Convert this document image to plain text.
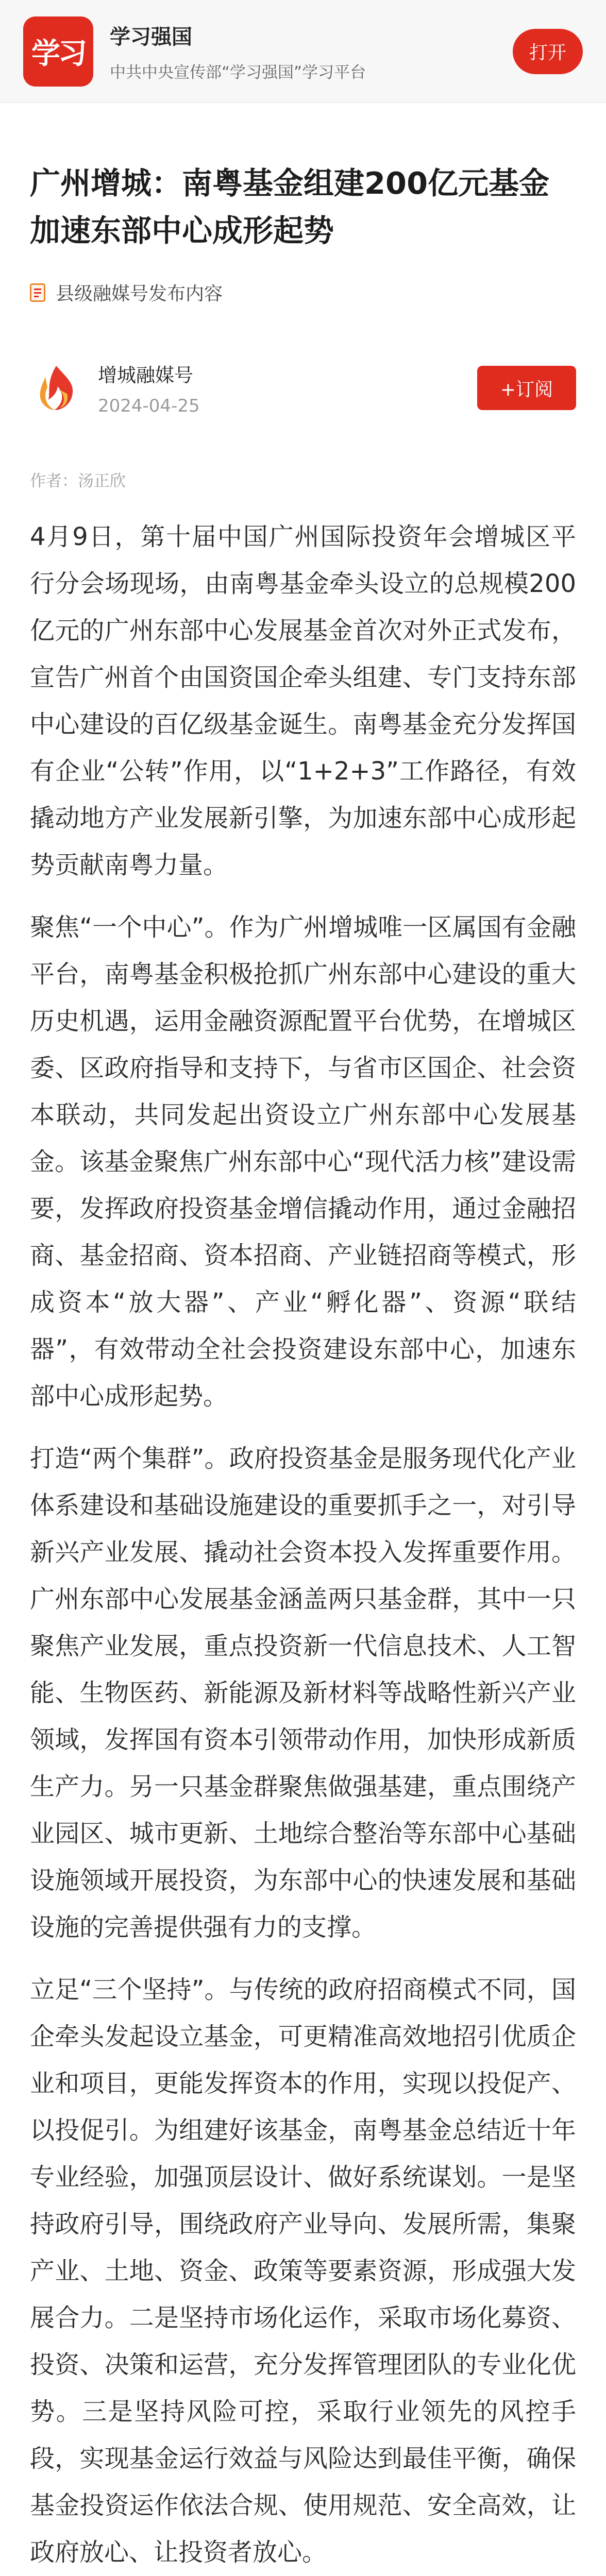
学习 学习强国
中共中央宣传部“学习强国”学习平台
打开
广州增城：南粤基金组建200亿元基金 加速东部中心成形起势
县级融媒号发布内容
增城融媒号
2024-04-25
+订阅
作者：汤正欣

4月9日，第十届中国广州国际投资年会增城区平行分会场现场，由南粤基金牵头设立的总规模200亿元的广州东部中心发展基金首次对外正式发布，宣告广州首个由国资国企牵头组建、专门支持东部中心建设的百亿级基金诞生。南粤基金充分发挥国有企业“公转”作用，以“1+2+3”工作路径，有效撬动地方产业发展新引擎，为加速东部中心成形起势贡献南粤力量。

聚焦“一个中心”。作为广州增城唯一区属国有金融平台，南粤基金积极抢抓广州东部中心建设的重大历史机遇，运用金融资源配置平台优势，在增城区委、区政府指导和支持下，与省市区国企、社会资本联动，共同发起出资设立广州东部中心发展基金。该基金聚焦广州东部中心“现代活力核”建设需要，发挥政府投资基金增信撬动作用，通过金融招商、基金招商、资本招商、产业链招商等模式，形成资本“放大器”、产业“孵化器”、资源“联结器”，有效带动全社会投资建设东部中心，加速东部中心成形起势。

打造“两个集群”。政府投资基金是服务现代化产业体系建设和基础设施建设的重要抓手之一，对引导新兴产业发展、撬动社会资本投入发挥重要作用。广州东部中心发展基金涵盖两只基金群，其中一只聚焦产业发展，重点投资新一代信息技术、人工智能、生物医药、新能源及新材料等战略性新兴产业领域，发挥国有资本引领带动作用，加快形成新质生产力。另一只基金群聚焦做强基建，重点围绕产业园区、城市更新、土地综合整治等东部中心基础设施领域开展投资，为东部中心的快速发展和基础设施的完善提供强有力的支撑。

立足“三个坚持”。与传统的政府招商模式不同，国企牵头发起设立基金，可更精准高效地招引优质企业和项目，更能发挥资本的作用，实现以投促产、以投促引。为组建好该基金，南粤基金总结近十年专业经验，加强顶层设计、做好系统谋划。一是坚持政府引导，围绕政府产业导向、发展所需，集聚产业、土地、资金、政策等要素资源，形成强大发展合力。二是坚持市场化运作，采取市场化募资、投资、决策和运营，充分发挥管理团队的专业化优势。三是坚持风险可控，采取行业领先的风控手段，实现基金运行效益与风险达到最佳平衡，确保基金投资运作依法合规、使用规范、安全高效，让政府放心、让投资者放心。
